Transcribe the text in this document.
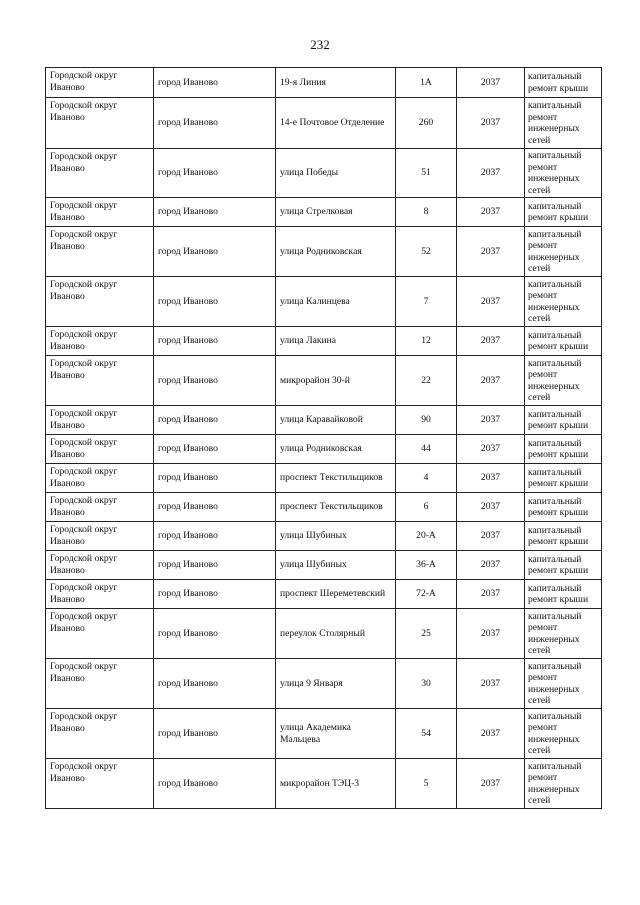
232
Городской округ Иваново	город Иваново	19-я Линия	1А	2037	капитальный ремонт крыши
Городской округ Иваново	город Иваново	14-е Почтовое Отделение	260	2037	капитальный ремонт инженерных сетей
Городской округ Иваново	город Иваново	улица Победы	51	2037	капитальный ремонт инженерных сетей
Городской округ Иваново	город Иваново	улица Стрелковая	8	2037	капитальный ремонт крыши
Городской округ Иваново	город Иваново	улица Родниковская	52	2037	капитальный ремонт инженерных сетей
Городской округ Иваново	город Иваново	улица Калинцева	7	2037	капитальный ремонт инженерных сетей
Городской округ Иваново	город Иваново	улица Лакина	12	2037	капитальный ремонт крыши
Городской округ Иваново	город Иваново	микрорайон 30-й	22	2037	капитальный ремонт инженерных сетей
Городской округ Иваново	город Иваново	улица Каравайковой	90	2037	капитальный ремонт крыши
Городской округ Иваново	город Иваново	улица Родниковская	44	2037	капитальный ремонт крыши
Городской округ Иваново	город Иваново	проспект Текстильщиков	4	2037	капитальный ремонт крыши
Городской округ Иваново	город Иваново	проспект Текстильщиков	6	2037	капитальный ремонт крыши
Городской округ Иваново	город Иваново	улица Шубиных	20-А	2037	капитальный ремонт крыши
Городской округ Иваново	город Иваново	улица Шубиных	36-А	2037	капитальный ремонт крыши
Городской округ Иваново	город Иваново	проспект Шереметевский	72-А	2037	капитальный ремонт крыши
Городской округ Иваново	город Иваново	переулок Столярный	25	2037	капитальный ремонт инженерных сетей
Городской округ Иваново	город Иваново	улица 9 Января	30	2037	капитальный ремонт инженерных сетей
Городской округ Иваново	город Иваново	улица Академика Мальцева	54	2037	капитальный ремонт инженерных сетей
Городской округ Иваново	город Иваново	микрорайон ТЭЦ-3	5	2037	капитальный ремонт инженерных сетей
